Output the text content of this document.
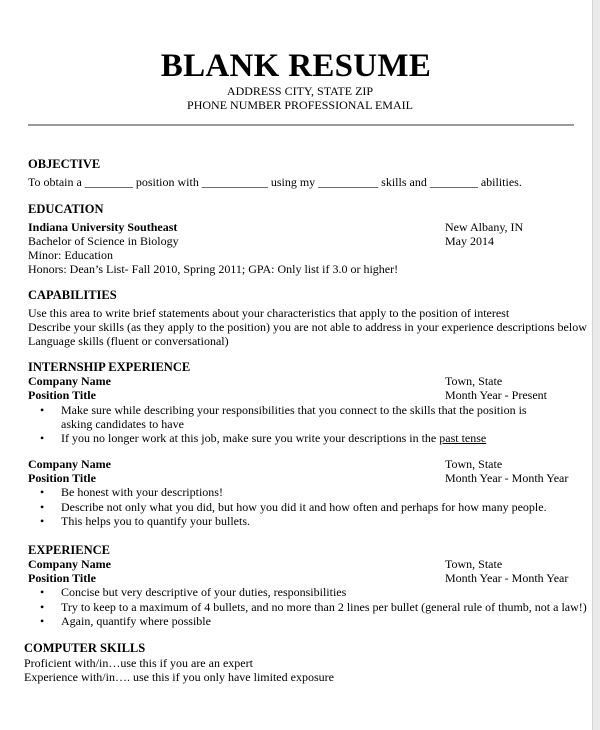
BLANK RESUME
ADDRESS CITY, STATE ZIP
PHONE NUMBER PROFESSIONAL EMAIL
OBJECTIVE
To obtain a ________ position with ___________ using my __________ skills and ________ abilities.
EDUCATION
Indiana University Southeast	New Albany, IN
Bachelor of Science in Biology	May 2014
Minor: Education
Honors: Dean’s List- Fall 2010, Spring 2011; GPA: Only list if 3.0 or higher!
CAPABILITIES
Use this area to write brief statements about your characteristics that apply to the position of interest
Describe your skills (as they apply to the position) you are not able to address in your experience descriptions below
Language skills (fluent or conversational)
INTERNSHIP EXPERIENCE
Company Name	Town, State
Position Title	Month Year - Present
• Make sure while describing your responsibilities that you connect to the skills that the position is
asking candidates to have
• If you no longer work at this job, make sure you write your descriptions in the past tense
Company Name	Town, State
Position Title	Month Year - Month Year
• Be honest with your descriptions!
• Describe not only what you did, but how you did it and how often and perhaps for how many people.
• This helps you to quantify your bullets.
EXPERIENCE
Company Name	Town, State
Position Title	Month Year - Month Year
• Concise but very descriptive of your duties, responsibilities
• Try to keep to a maximum of 4 bullets, and no more than 2 lines per bullet (general rule of thumb, not a law!)
• Again, quantify where possible
COMPUTER SKILLS
Proficient with/in…use this if you are an expert
Experience with/in…. use this if you only have limited exposure
